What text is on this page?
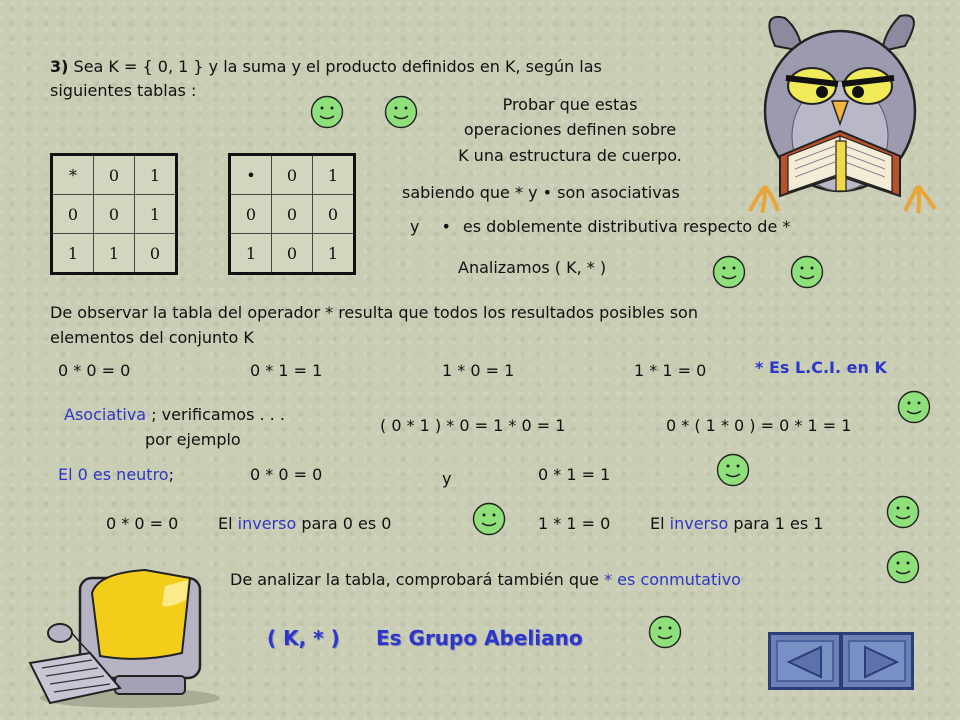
3) Sea K = { 0, 1 } y la suma y el producto definidos en K, según las
siguientes tablas :
Probar que estas
operaciones definen sobre
K una estructura de cuerpo.
sabiendo que * y • son asociativas
y • es doblemente distributiva respecto de *
Analizamos ( K, * )
*	0	1
0	0	1
1	1	0
•	0	1
0	0	0
1	0	1
De observar la tabla del operador * resulta que todos los resultados posibles son
elementos del conjunto K
0 * 0 = 0	0 * 1 = 1	1 * 0 = 1	1 * 1 = 0	* Es L.C.I. en K
Asociativa ; verificamos . . .
por ejemplo
( 0 * 1 ) * 0 = 1 * 0 = 1	0 * ( 1 * 0 ) = 0 * 1 = 1
El 0 es neutro;	0 * 0 = 0	y	0 * 1 = 1
0 * 0 = 0 El inverso para 0 es 0	1 * 1 = 0 El inverso para 1 es 1
De analizar la tabla, comprobará también que * es conmutativo
( K, * ) Es Grupo Abeliano
